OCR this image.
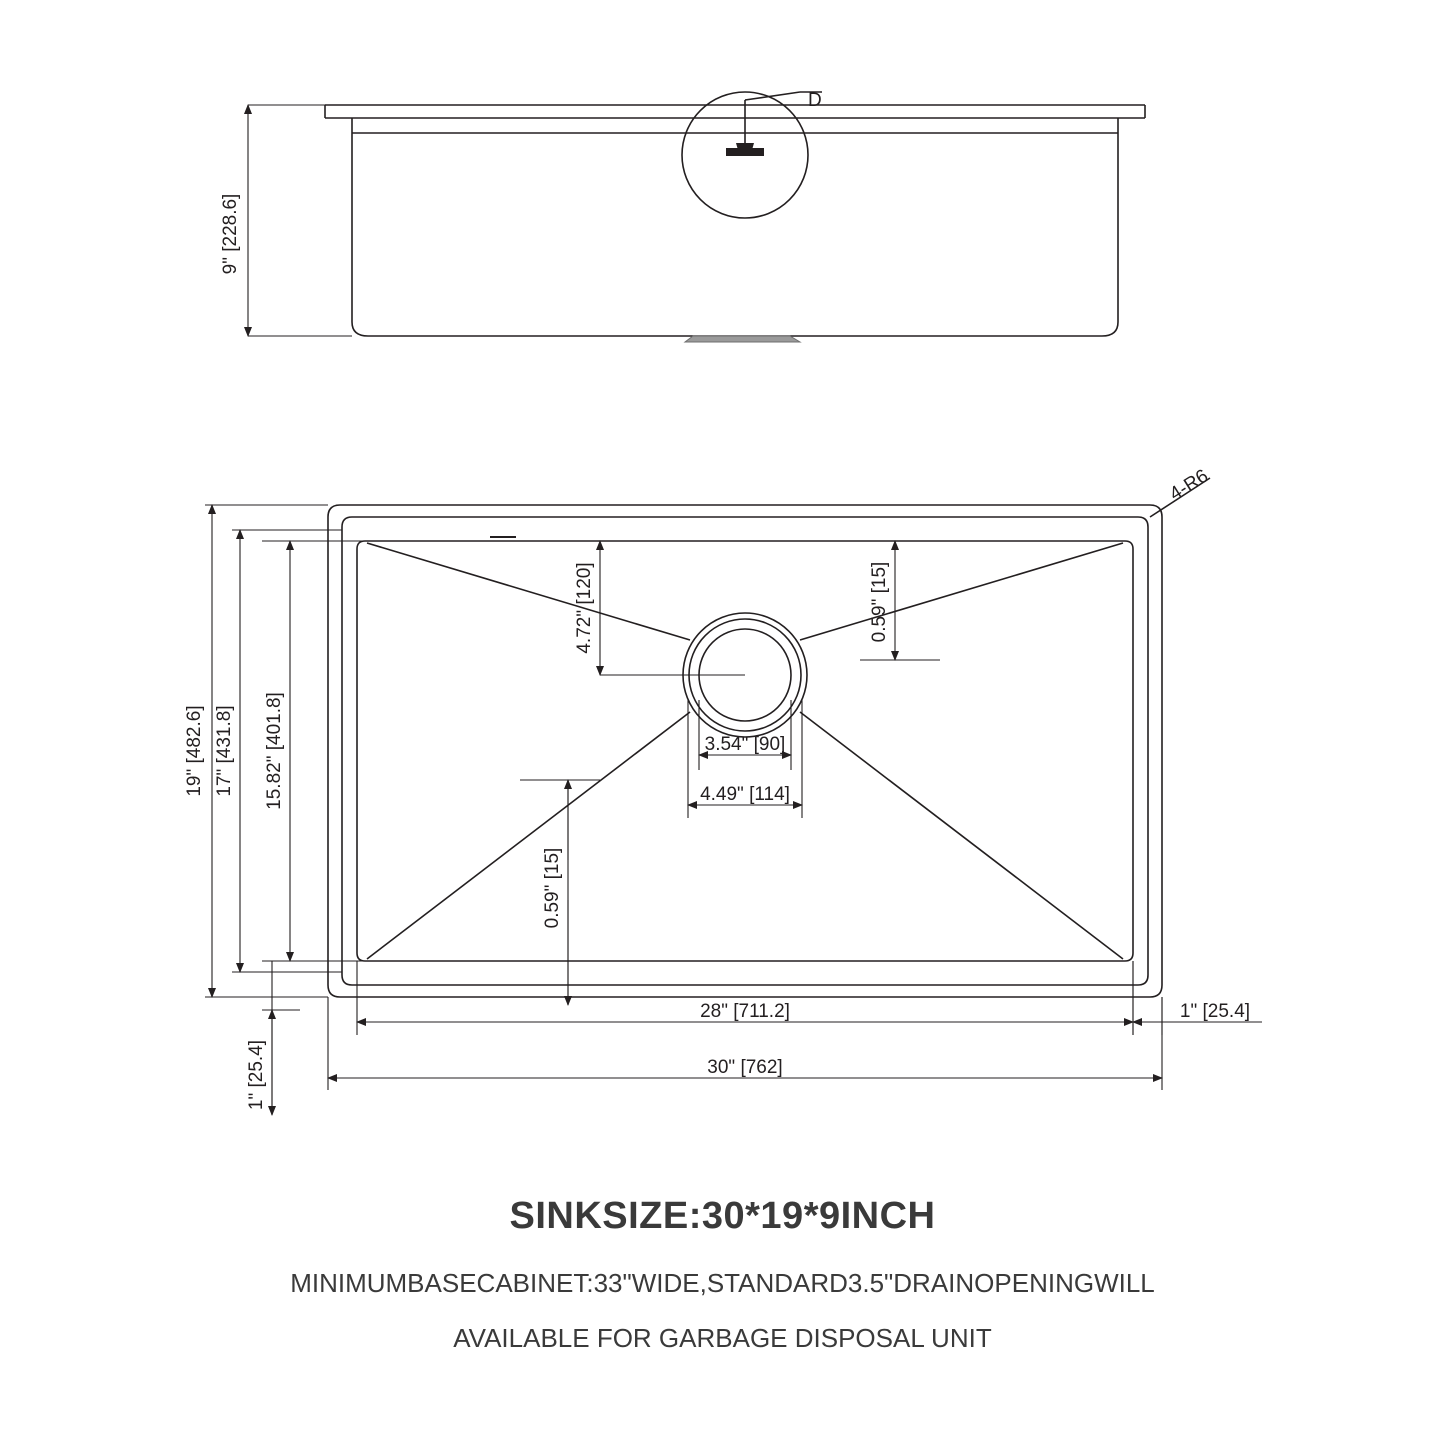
D
9" [228.6]
4-R6
19" [482.6] 17" [431.8] 15.82" [401.8]
1" [25.4]
4.72" [120]	0.59" [15]
0.59" [15]
3.54" [90]
4.49" [114]
28" [711.2]
30" [762]
1" [25.4]
SINKSIZE:30*19*9INCH
MINIMUMBASECABINET:33"WIDE,STANDARD3.5"DRAINOPENINGWILL
AVAILABLE FOR GARBAGE DISPOSAL UNIT
